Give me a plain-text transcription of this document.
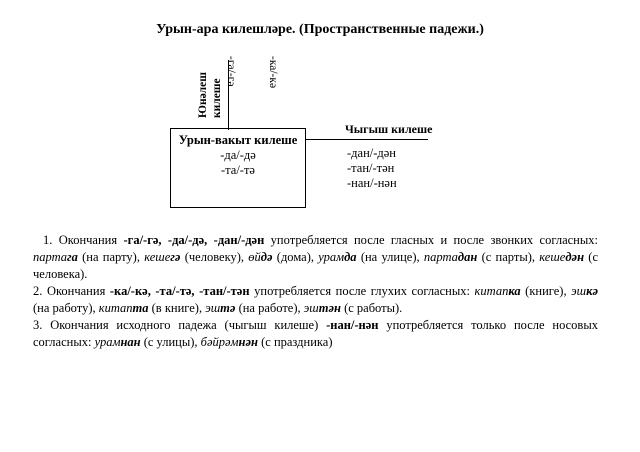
Урын-ара килешләре. (Пространственные падежи.)
Юнәлеш килеше
-га/-гә	-ка/-кә
Урын-вакыт килеше
-да/-дә
-та/-тә
Чыгыш килеше
-дан/-дән
-тан/-тән
-нан/-нән

1. Окончания -га/-гә, -да/-дә, -дан/-дән употребляется после гласных и после звонких согласных: партага (на парту), кешегә (человеку), өйдә (дома), урамда (на улице), партадан (с парты), кешедән (с человека).

2. Окончания -ка/-кә, -та/-тә, -тан/-тән употребляется после глухих согласных: китапка (книге), эшкә (на работу), китапта (в книге), эштә (на работе), эштән (с работы).

3. Окончания исходного падежа (чыгыш килеше) -нан/-нән употребляется только после носовых согласных: урамнан (с улицы), бәйрәмнән (с праздника)
